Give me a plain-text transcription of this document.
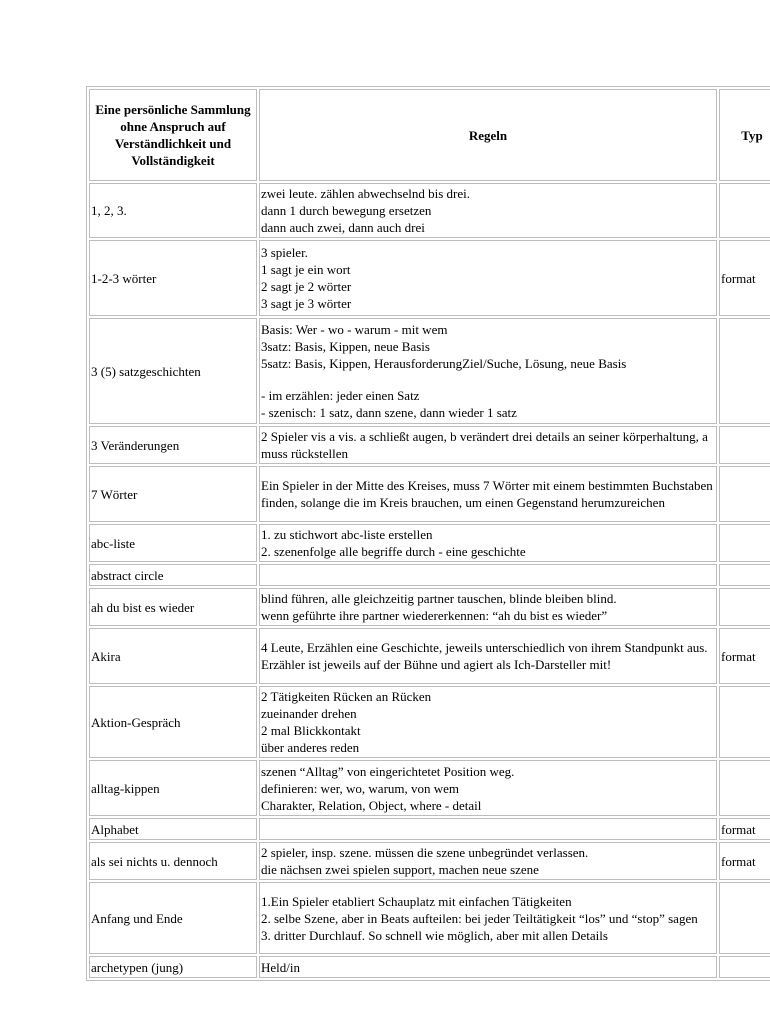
Eine persönliche Sammlung ohne Anspruch auf Verständlichkeit und Vollständigkeit	Regeln	Typ
1, 2, 3.	zwei leute. zählen abwechselnd bis drei.
dann 1 durch bewegung ersetzen
dann auch zwei, dann auch drei	

1-2-3 wörter	3 spieler.
1 sagt je ein wort
2 sagt je 2 wörter
3 sagt je 3 wörter	format
3 (5) satzgeschichten	Basis: Wer - wo - warum - mit wem
3satz: Basis, Kippen, neue Basis
5satz: Basis, Kippen, HerausforderungZiel/Suche, Lösung, neue Basis
- im erzählen: jeder einen Satz
- szenisch: 1 satz, dann szene, dann wieder 1 satz	

3 Veränderungen	2 Spieler vis a vis. a schließt augen, b verändert drei details an seiner körperhaltung, a muss rückstellen	

7 Wörter	Ein Spieler in der Mitte des Kreises, muss 7 Wörter mit einem bestimmten Buchstaben finden, solange die im Kreis brauchen, um einen Gegenstand herumzureichen	

abc-liste	1. zu stichwort abc-liste erstellen
2. szenenfolge alle begriffe durch - eine geschichte	

abstract circle		
ah du bist es wieder	blind führen, alle gleichzeitig partner tauschen, blinde bleiben blind.
wenn geführte ihre partner wiedererkennen: “ah du bist es wieder”	

Akira	4 Leute, Erzählen eine Geschichte, jeweils unterschiedlich von ihrem Standpunkt aus. Erzähler ist jeweils auf der Bühne und agiert als Ich-Darsteller mit!	format
Aktion-Gespräch	2 Tätigkeiten Rücken an Rücken
zueinander drehen
2 mal Blickkontakt
über anderes reden	

alltag-kippen	szenen “Alltag” von eingerichtetet Position weg.
definieren: wer, wo, warum, von wem
Charakter, Relation, Object, where - detail	

Alphabet		format
als sei nichts u. dennoch	2 spieler, insp. szene. müssen die szene unbegründet verlassen.
die nächsen zwei spielen support, machen neue szene	format
Anfang und Ende	1.Ein Spieler etabliert Schauplatz mit einfachen Tätigkeiten
2. selbe Szene, aber in Beats aufteilen: bei jeder Teiltätigkeit “los” und “stop” sagen
3. dritter Durchlauf. So schnell wie möglich, aber mit allen Details	

archetypen (jung)	Held/in	
